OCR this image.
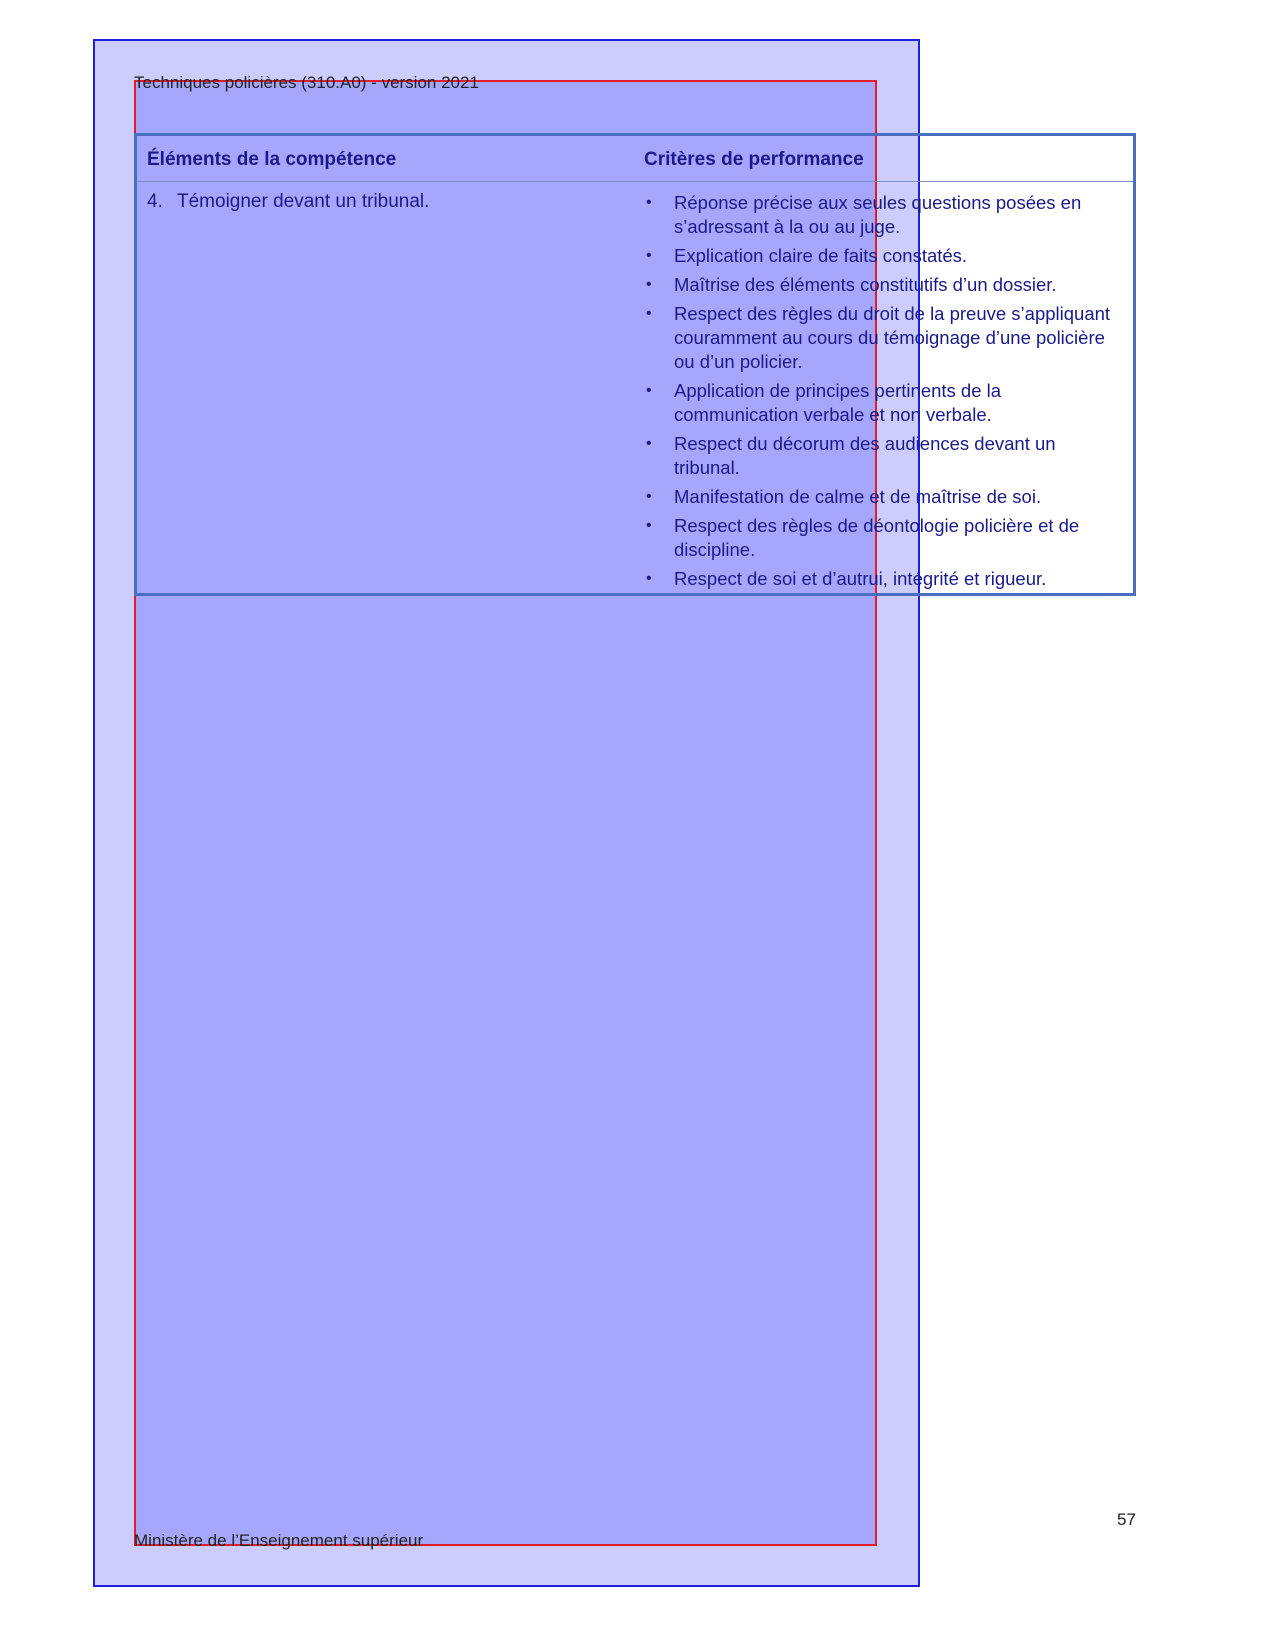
Techniques policières (310.A0) - version 2021
Éléments de la compétence	Critères de performance
4. Témoigner devant un tribunal.	• Réponse précise aux seules questions posées en s’adressant à la ou au juge.
• Explication claire de faits constatés.
• Maîtrise des éléments constitutifs d’un dossier.
• Respect des règles du droit de la preuve s’appliquant couramment au cours du témoignage d’une policière ou d’un policier.
• Application de principes pertinents de la communication verbale et non verbale.
• Respect du décorum des audiences devant un tribunal.
• Manifestation de calme et de maîtrise de soi.
• Respect des règles de déontologie policière et de discipline.
• Respect de soi et d’autrui, intégrité et rigueur.
Ministère de l’Enseignement supérieur
57
